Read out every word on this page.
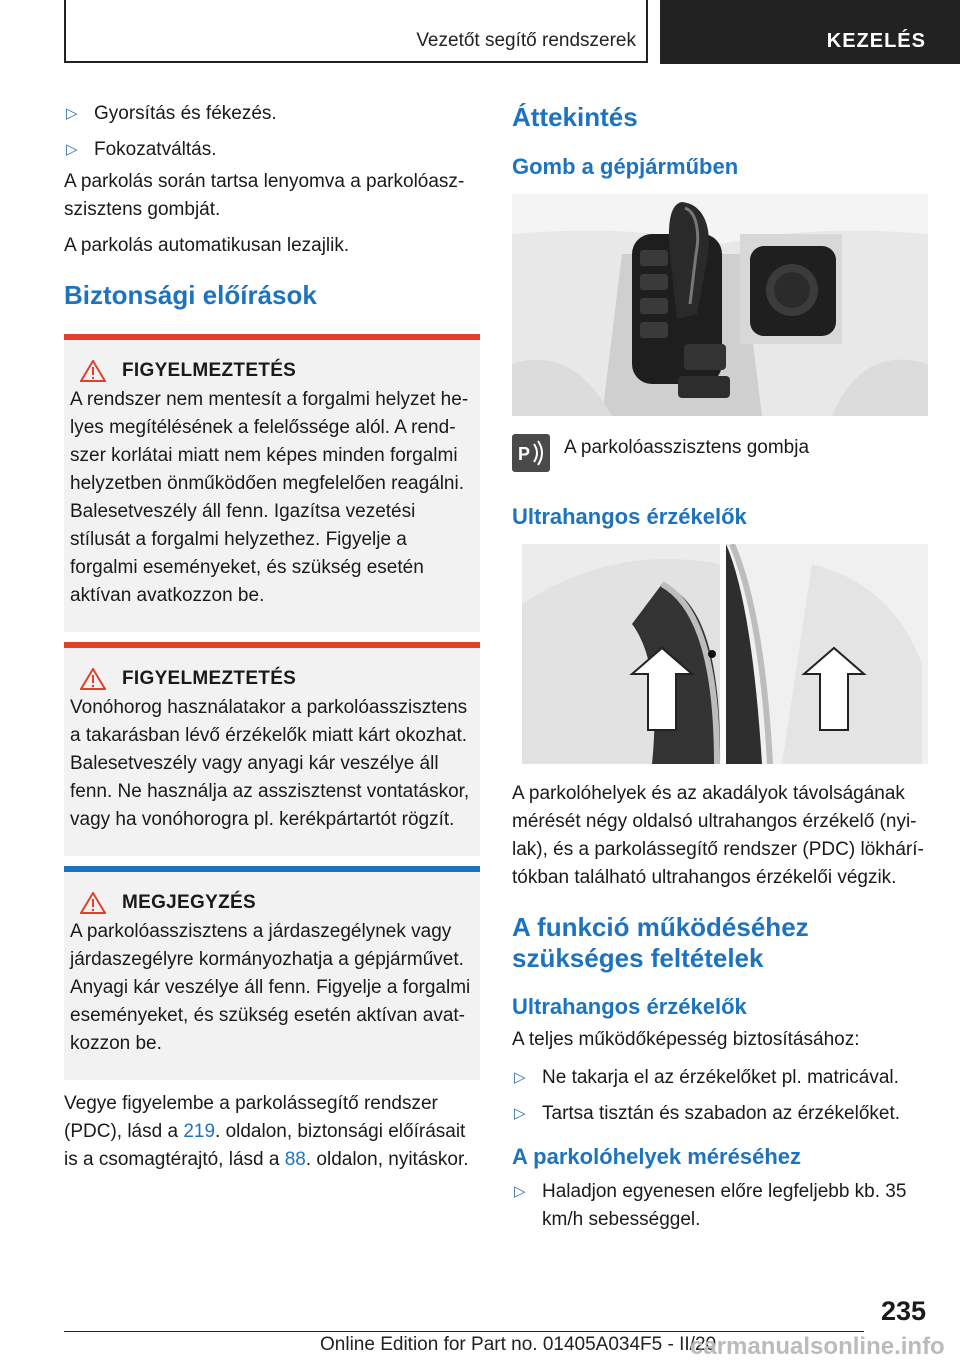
Vezetőt segítő rendszerek	KEZELÉS
▷ Gyorsítás és fékezés.
▷ Fokozatváltás.

A parkolás során tartsa lenyomva a parkolóaszszisztens gombját.

A parkolás automatikusan lezajlik.

Biztonsági előírások
FIGYELMEZTETÉS

A rendszer nem mentesít a forgalmi helyzet helyes megítélésének a felelőssége alól. A rendszer korlátai miatt nem képes minden forgalmi helyzetben önműködően megfelelően reagálni. Balesetveszély áll fenn. Igazítsa vezetési stílusát a forgalmi helyzethez. Figyelje a forgalmi eseményeket, és szükség esetén aktívan avatkozzon be.

FIGYELMEZTETÉS

Vonóhorog használatakor a parkolóasszisztens a takarásban lévő érzékelők miatt kárt okozhat. Balesetveszély vagy anyagi kár veszélye áll fenn. Ne használja az asszisztenst vontatáskor, vagy ha vonóhorogra pl. kerékpártartót rögzít.

MEGJEGYZÉS

A parkolóasszisztens a járdaszegélynek vagy járdaszegélyre kormányozhatja a gépjárművet. Anyagi kár veszélye áll fenn. Figyelje a forgalmi eseményeket, és szükség esetén aktívan avatkozzon be.

Vegye figyelembe a parkolássegítő rendszer (PDC), lásd a 219. oldalon, biztonsági előírásait is a csomagtérajtó, lásd a 88. oldalon, nyitáskor.

Áttekintés
Gomb a gépjárműben
P A parkolóasszisztens gombja
Ultrahangos érzékelők

A parkolóhelyek és az akadályok távolságának mérését négy oldalsó ultrahangos érzékelő (nyilak), és a parkolássegítő rendszer (PDC) lökhárítókban található ultrahangos érzékelői végzik.

A funkció működéséhez szükséges feltételek
Ultrahangos érzékelők

A teljes működőképesség biztosításához:

▷ Ne takarja el az érzékelőket pl. matricával.
▷ Tartsa tisztán és szabadon az érzékelőket.
A parkolóhelyek méréséhez
▷ Haladjon egyenesen előre legfeljebb kb. 35 km/h sebességgel.
235
Online Edition for Part no. 01405A034F5 - II/20
carmanualsonline.info
